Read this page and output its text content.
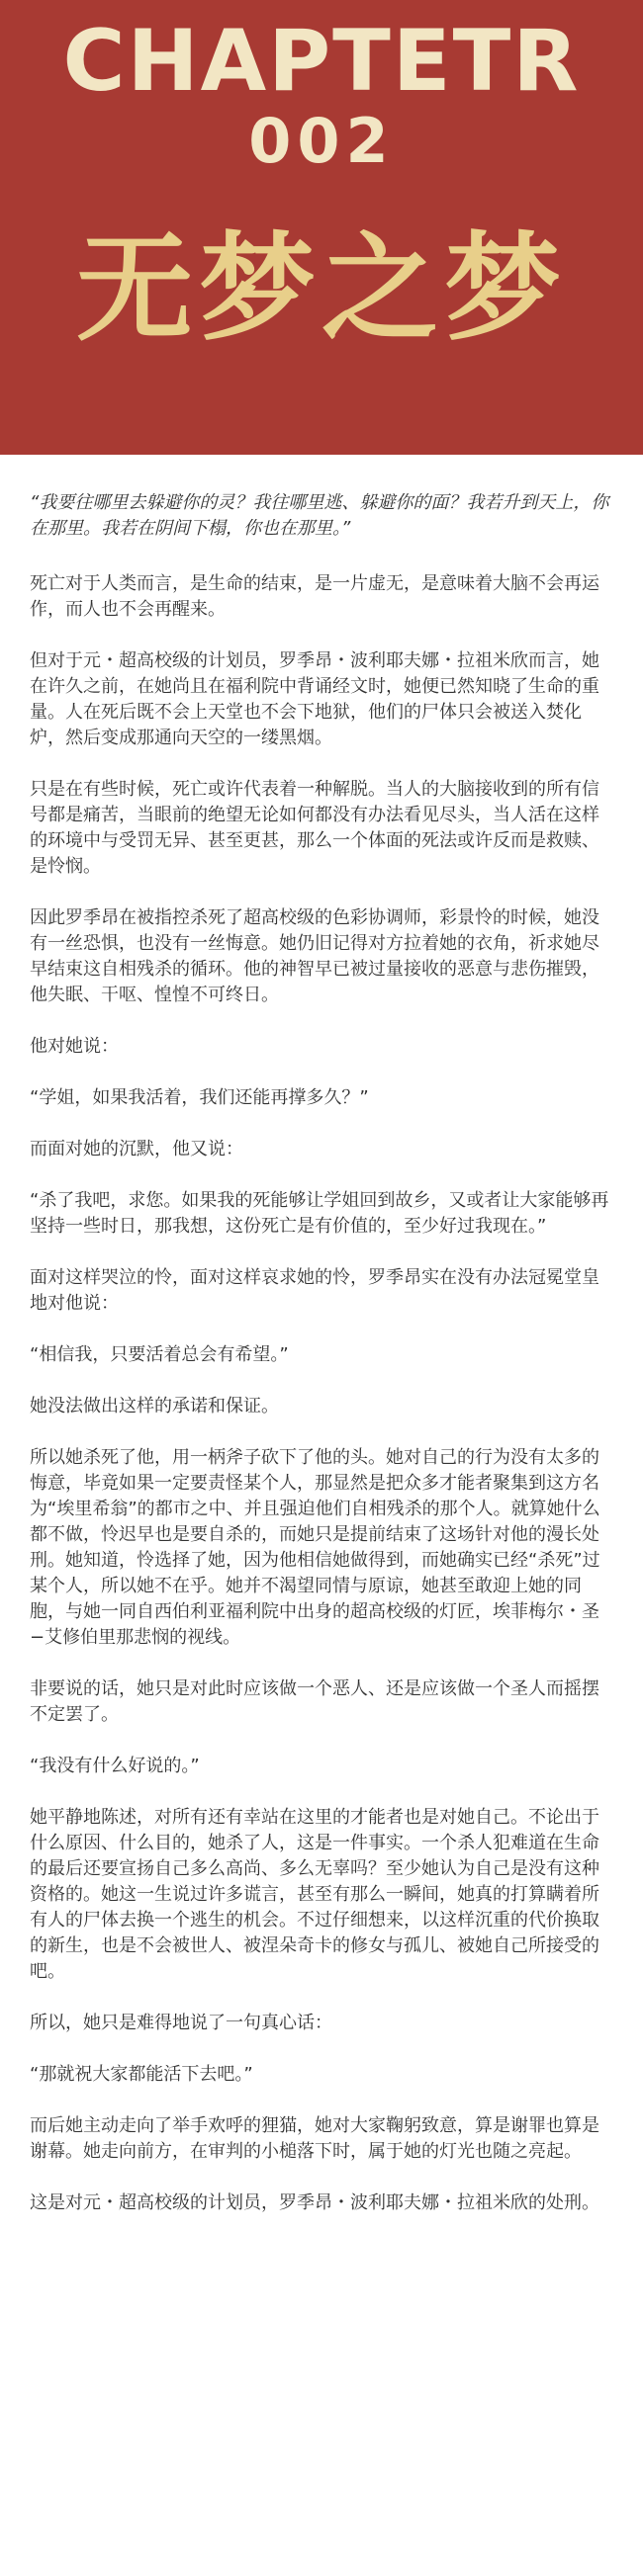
CHAPTETR
002
无梦之梦

“我要往哪里去躲避你的灵？我往哪里逃、躲避你的面？我若升到天上，你在那里。我若在阴间下榻，你也在那里。”

死亡对于人类而言，是生命的结束，是一片虚无，是意味着大脑不会再运作，而人也不会再醒来。

但对于元・超高校级的计划员，罗季昂・波利耶夫娜・拉祖米欣而言，她在许久之前，在她尚且在福利院中背诵经文时，她便已然知晓了生命的重量。人在死后既不会上天堂也不会下地狱，他们的尸体只会被送入焚化炉，然后变成那通向天空的一缕黑烟。

只是在有些时候，死亡或许代表着一种解脱。当人的大脑接收到的所有信号都是痛苦，当眼前的绝望无论如何都没有办法看见尽头，当人活在这样的环境中与受罚无异、甚至更甚，那么一个体面的死法或许反而是救赎、是怜悯。

因此罗季昂在被指控杀死了超高校级的色彩协调师，彩景怜的时候，她没有一丝恐惧，也没有一丝悔意。她仍旧记得对方拉着她的衣角，祈求她尽早结束这自相残杀的循环。他的神智早已被过量接收的恶意与悲伤摧毁，他失眠、干呕、惶惶不可终日。

他对她说：

“学姐，如果我活着，我们还能再撑多久？”

而面对她的沉默，他又说：

“杀了我吧，求您。如果我的死能够让学姐回到故乡，又或者让大家能够再坚持一些时日，那我想，这份死亡是有价值的，至少好过我现在。”

面对这样哭泣的怜，面对这样哀求她的怜，罗季昂实在没有办法冠冕堂皇地对他说：

“相信我，只要活着总会有希望。”

她没法做出这样的承诺和保证。

所以她杀死了他，用一柄斧子砍下了他的头。她对自己的行为没有太多的悔意，毕竟如果一定要责怪某个人，那显然是把众多才能者聚集到这方名为“埃里希翁”的都市之中、并且强迫他们自相残杀的那个人。就算她什么都不做，怜迟早也是要自杀的，而她只是提前结束了这场针对他的漫长处刑。她知道，怜选择了她，因为他相信她做得到，而她确实已经“杀死”过某个人，所以她不在乎。她并不渴望同情与原谅，她甚至敢迎上她的同胞，与她一同自西伯利亚福利院中出身的超高校级的灯匠，埃菲梅尔・圣−艾修伯里那悲悯的视线。

非要说的话，她只是对此时应该做一个恶人、还是应该做一个圣人而摇摆不定罢了。

“我没有什么好说的。”

她平静地陈述，对所有还有幸站在这里的才能者也是对她自己。不论出于什么原因、什么目的，她杀了人，这是一件事实。一个杀人犯难道在生命的最后还要宣扬自己多么高尚、多么无辜吗？至少她认为自己是没有这种资格的。她这一生说过许多谎言，甚至有那么一瞬间，她真的打算瞒着所有人的尸体去换一个逃生的机会。不过仔细想来，以这样沉重的代价换取的新生，也是不会被世人、被涅朵奇卡的修女与孤儿、被她自己所接受的吧。

所以，她只是难得地说了一句真心话：

“那就祝大家都能活下去吧。”

而后她主动走向了举手欢呼的狸猫，她对大家鞠躬致意，算是谢罪也算是谢幕。她走向前方，在审判的小槌落下时，属于她的灯光也随之亮起。

这是对元・超高校级的计划员，罗季昂・波利耶夫娜・拉祖米欣的处刑。
